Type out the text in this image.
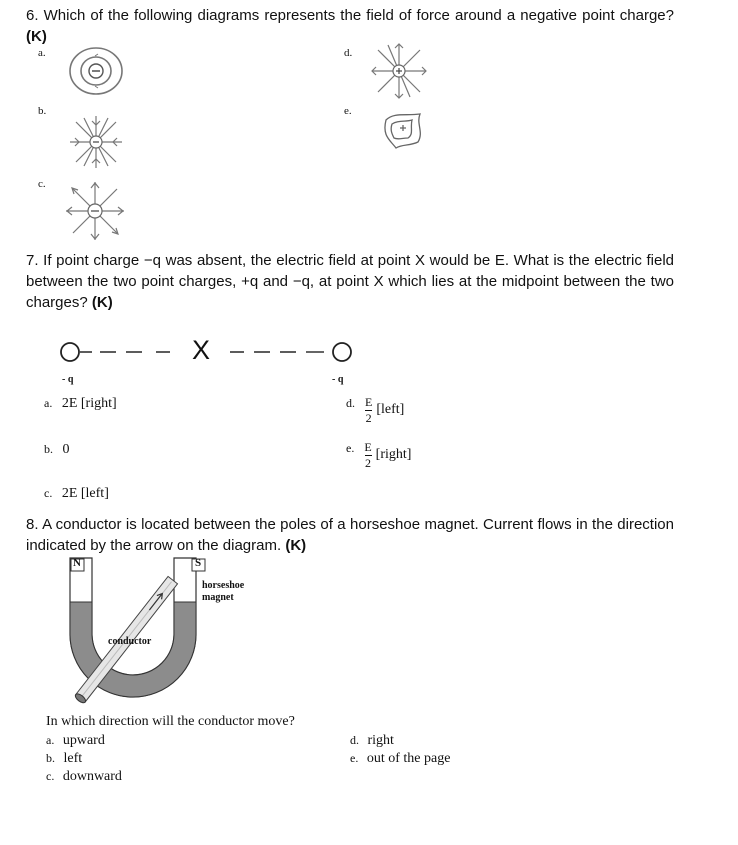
6. Which of the following diagrams represents the field of force around a negative point charge? (K)
a.
b.
c.
d.
e.
7. If point charge −q was absent, the electric field at point X would be E. What is the electric field between the two point charges, +q and −q, at point X which lies at the midpoint between the two charges? (K)
X
- q	- q
a. 2E [right]
b. 0
c. 2E [left]
d. $\frac{E}{2}$ [left]
e. $\frac{E}{2}$ [right]
8. A conductor is located between the poles of a horseshoe magnet. Current flows in the direction indicated by the arrow on the diagram. (K)
N	S
horseshoe
magnet
conductor
In which direction will the conductor move?
a. upward
b. left
c. downward
d. right
e. out of the page
